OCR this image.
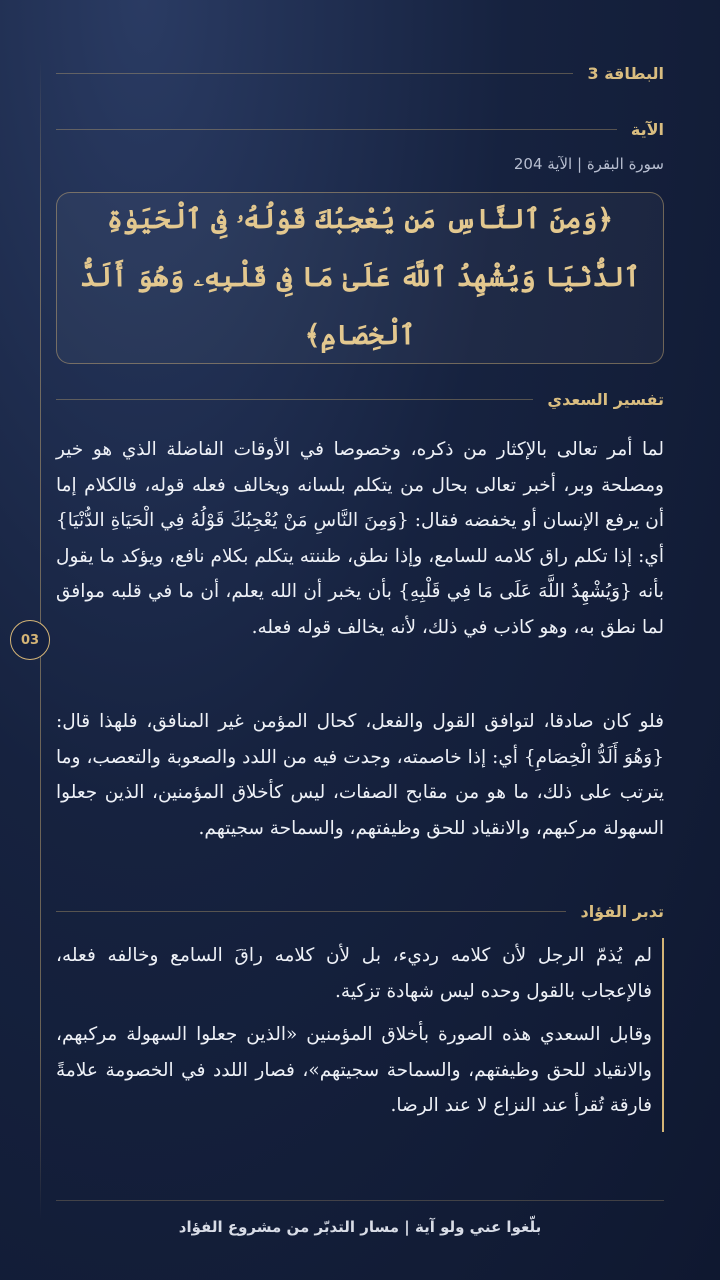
03
البطاقة 3
الآية
سورة البقرة | الآية 204
﴿وَمِنَ ٱلنَّاسِ مَن يُعْجِبُكَ قَوْلُهُۥ فِى ٱلْحَيَوٰةِ ٱلدُّنْيَا وَيُشْهِدُ ٱللَّهَ عَلَىٰ مَا فِى قَلْبِهِۦ وَهُوَ أَلَدُّ ٱلْخِصَامِ﴾
تفسير السعدي

لما أمر تعالى بالإكثار من ذكره، وخصوصا في الأوقات الفاضلة الذي هو خير ومصلحة وبر، أخبر تعالى بحال من يتكلم بلسانه ويخالف فعله قوله، فالكلام إما أن يرفع الإنسان أو يخفضه فقال: {وَمِنَ النَّاسِ مَنْ يُعْجِبُكَ قَوْلُهُ فِي الْحَيَاةِ الدُّنْيَا} أي: إذا تكلم راق كلامه للسامع، وإذا نطق، ظننته يتكلم بكلام نافع، ويؤكد ما يقول بأنه {وَيُشْهِدُ اللَّهَ عَلَى مَا فِي قَلْبِهِ} بأن يخبر أن الله يعلم، أن ما في قلبه موافق لما نطق به، وهو كاذب في ذلك، لأنه يخالف قوله فعله.

فلو كان صادقا، لتوافق القول والفعل، كحال المؤمن غير المنافق، فلهذا قال: {وَهُوَ أَلَدُّ الْخِصَامِ} أي: إذا خاصمته، وجدت فيه من اللدد والصعوبة والتعصب، وما يترتب على ذلك، ما هو من مقابح الصفات، ليس كأخلاق المؤمنين، الذين جعلوا السهولة مركبهم، والانقياد للحق وظيفتهم، والسماحة سجيتهم.

تدبر الفؤاد

لم يُذمّ الرجل لأن كلامه رديء، بل لأن كلامه راقَ السامع وخالفه فعله، فالإعجاب بالقول وحده ليس شهادة تزكية.

وقابل السعدي هذه الصورة بأخلاق المؤمنين «الذين جعلوا السهولة مركبهم، والانقياد للحق وظيفتهم، والسماحة سجيتهم»، فصار اللدد في الخصومة علامةً فارقة تُقرأ عند النزاع لا عند الرضا.

بلّغوا عني ولو آية | مسار التدبّر من مشروع الفؤاد
